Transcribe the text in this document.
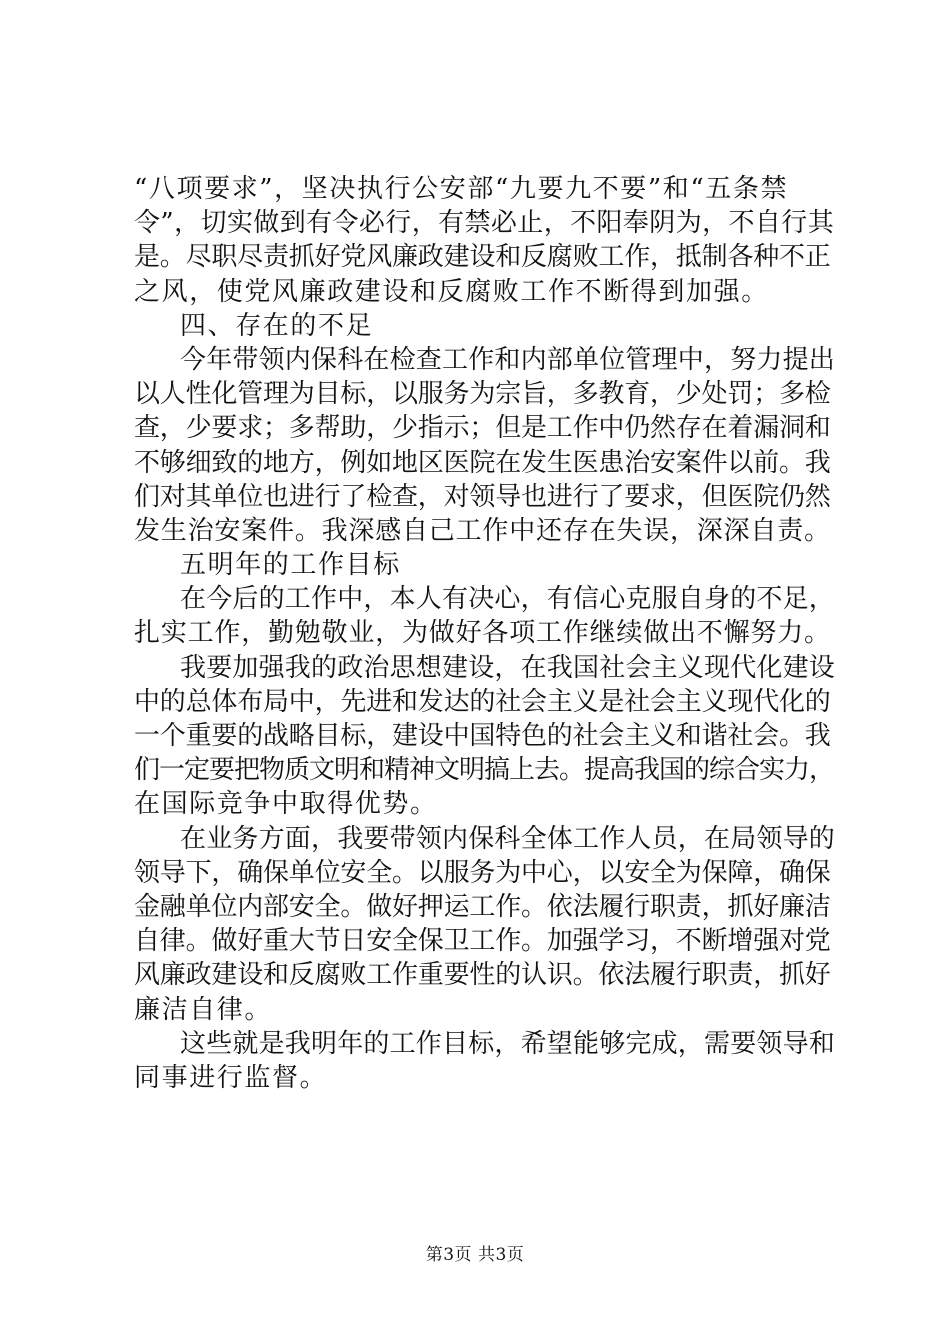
“八项要求”，坚决执行公安部“九要九不要”和“五条禁
令”，切实做到有令必行，有禁必止，不阳奉阴为，不自行其
是。尽职尽责抓好党风廉政建设和反腐败工作，抵制各种不正
之风，使党风廉政建设和反腐败工作不断得到加强。
四、存在的不足
今年带领内保科在检查工作和内部单位管理中，努力提出
以人性化管理为目标，以服务为宗旨，多教育，少处罚；多检
查，少要求；多帮助，少指示；但是工作中仍然存在着漏洞和
不够细致的地方，例如地区医院在发生医患治安案件以前。我
们对其单位也进行了检查，对领导也进行了要求，但医院仍然
发生治安案件。我深感自己工作中还存在失误，深深自责。
五明年的工作目标
在今后的工作中，本人有决心，有信心克服自身的不足，
扎实工作，勤勉敬业，为做好各项工作继续做出不懈努力。
我要加强我的政治思想建设，在我国社会主义现代化建设
中的总体布局中，先进和发达的社会主义是社会主义现代化的
一个重要的战略目标，建设中国特色的社会主义和谐社会。我
们一定要把物质文明和精神文明搞上去。提高我国的综合实力，
在国际竞争中取得优势。
在业务方面，我要带领内保科全体工作人员，在局领导的
领导下，确保单位安全。以服务为中心，以安全为保障，确保
金融单位内部安全。做好押运工作。依法履行职责，抓好廉洁
自律。做好重大节日安全保卫工作。加强学习，不断增强对党
风廉政建设和反腐败工作重要性的认识。依法履行职责，抓好
廉洁自律。
这些就是我明年的工作目标，希望能够完成，需要领导和
同事进行监督。
第3页 共3页
